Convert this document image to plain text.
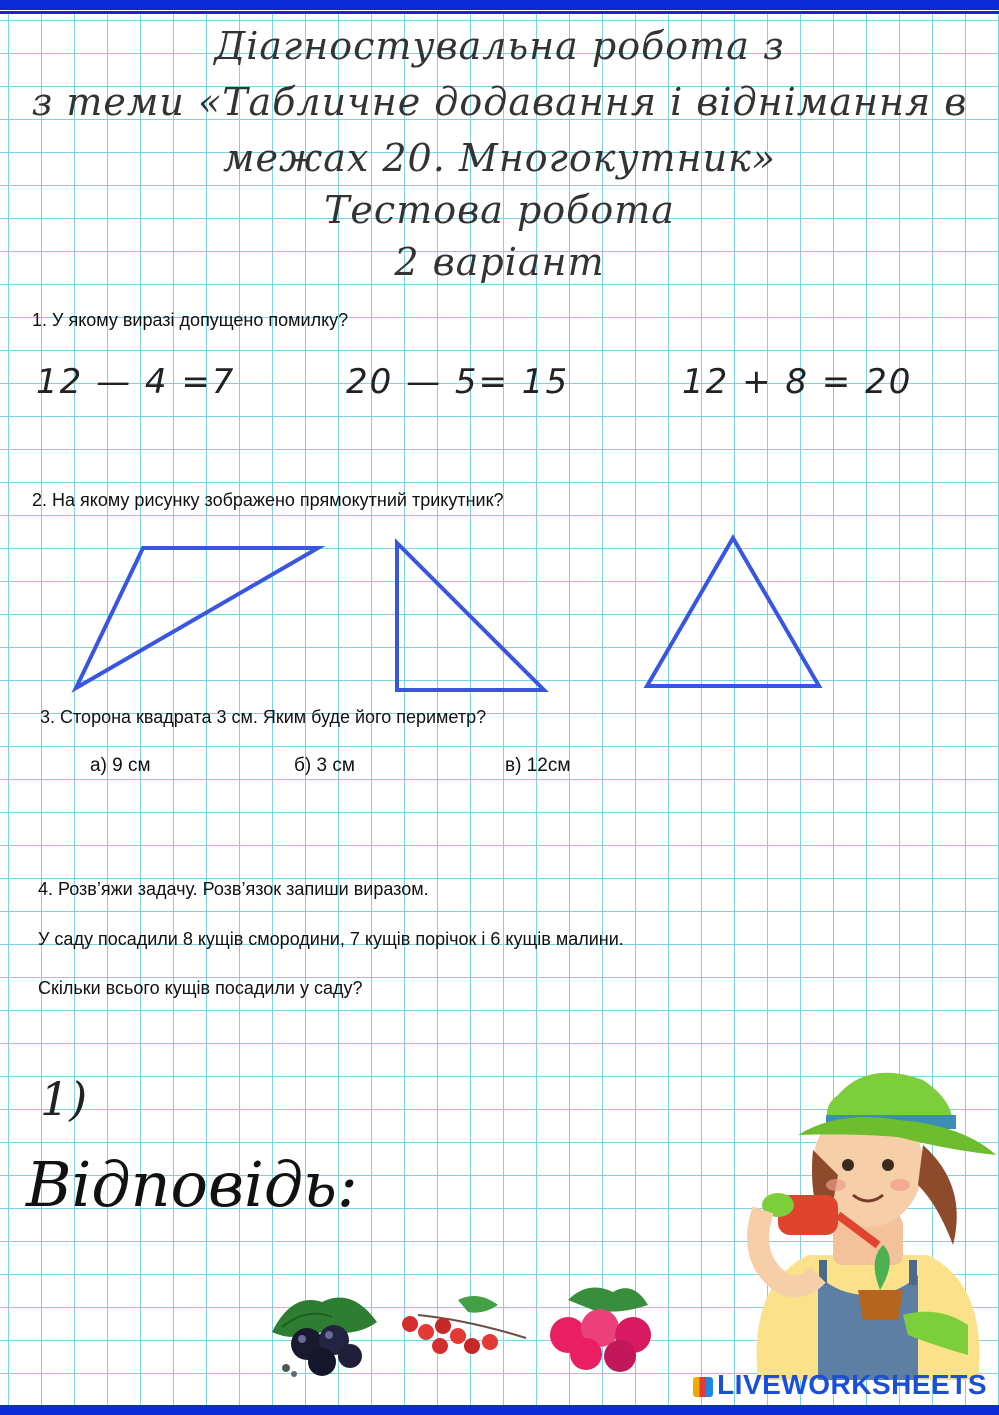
Діагностувальна робота з
з теми «Табличне додавання і віднімання в
межах 20. Многокутник»
Тестова робота
2 варіант
1. У якому виразі допущено помилку?
12 — 4 =7	20 — 5= 15	12 + 8 = 20
2. На якому рисунку зображено прямокутний трикутник?
3. Сторона квадрата 3 см. Яким буде його периметр?
а) 9 см	б) 3 см	в) 12см
4. Розв’яжи задачу. Розв’язок запиши виразом.
У саду посадили 8 кущів смородини, 7 кущів порічок і 6 кущів малини.
Скільки всього кущів посадили у саду?
1)
Відповідь:
LIVEWORKSHEETS
